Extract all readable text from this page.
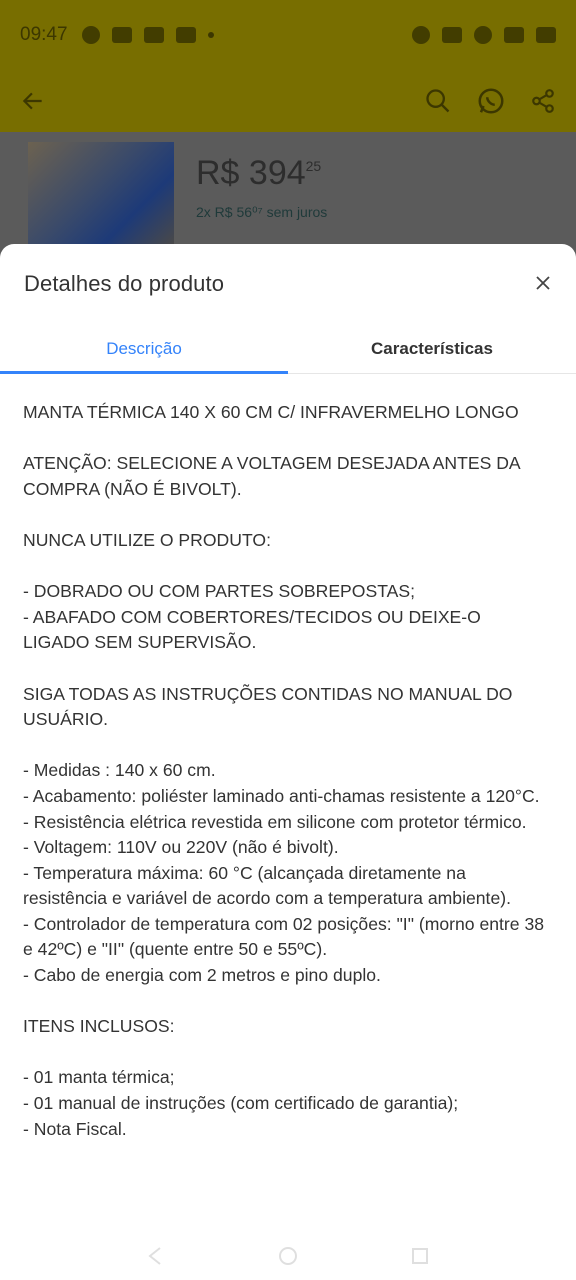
09:47
R$ $394^{25}$
2x R$ 56⁰⁷ sem juros
Detalhes do produto
Descrição	Características

MANTA TÉRMICA 140 X 60 CM C/ INFRAVERMELHO LONGO

ATENÇÃO: SELECIONE A VOLTAGEM DESEJADA ANTES DA COMPRA (NÃO É BIVOLT).

NUNCA UTILIZE O PRODUTO:

- DOBRADO OU COM PARTES SOBREPOSTAS;

- ABAFADO COM COBERTORES/TECIDOS OU DEIXE-O LIGADO SEM SUPERVISÃO.

SIGA TODAS AS INSTRUÇÕES CONTIDAS NO MANUAL DO USUÁRIO.

- Medidas : 140 x 60 cm.

- Acabamento: poliéster laminado anti-chamas resistente a 120°C.

- Resistência elétrica revestida em silicone com protetor térmico.

- Voltagem: 110V ou 220V (não é bivolt).

- Temperatura máxima: 60 °C (alcançada diretamente na resistência e variável de acordo com a temperatura ambiente).

- Controlador de temperatura com 02 posições: "I" (morno entre 38 e 42ºC) e "II" (quente entre 50 e 55ºC).

- Cabo de energia com 2 metros e pino duplo.

ITENS INCLUSOS:

- 01 manta térmica;

- 01 manual de instruções (com certificado de garantia);

- Nota Fiscal.
